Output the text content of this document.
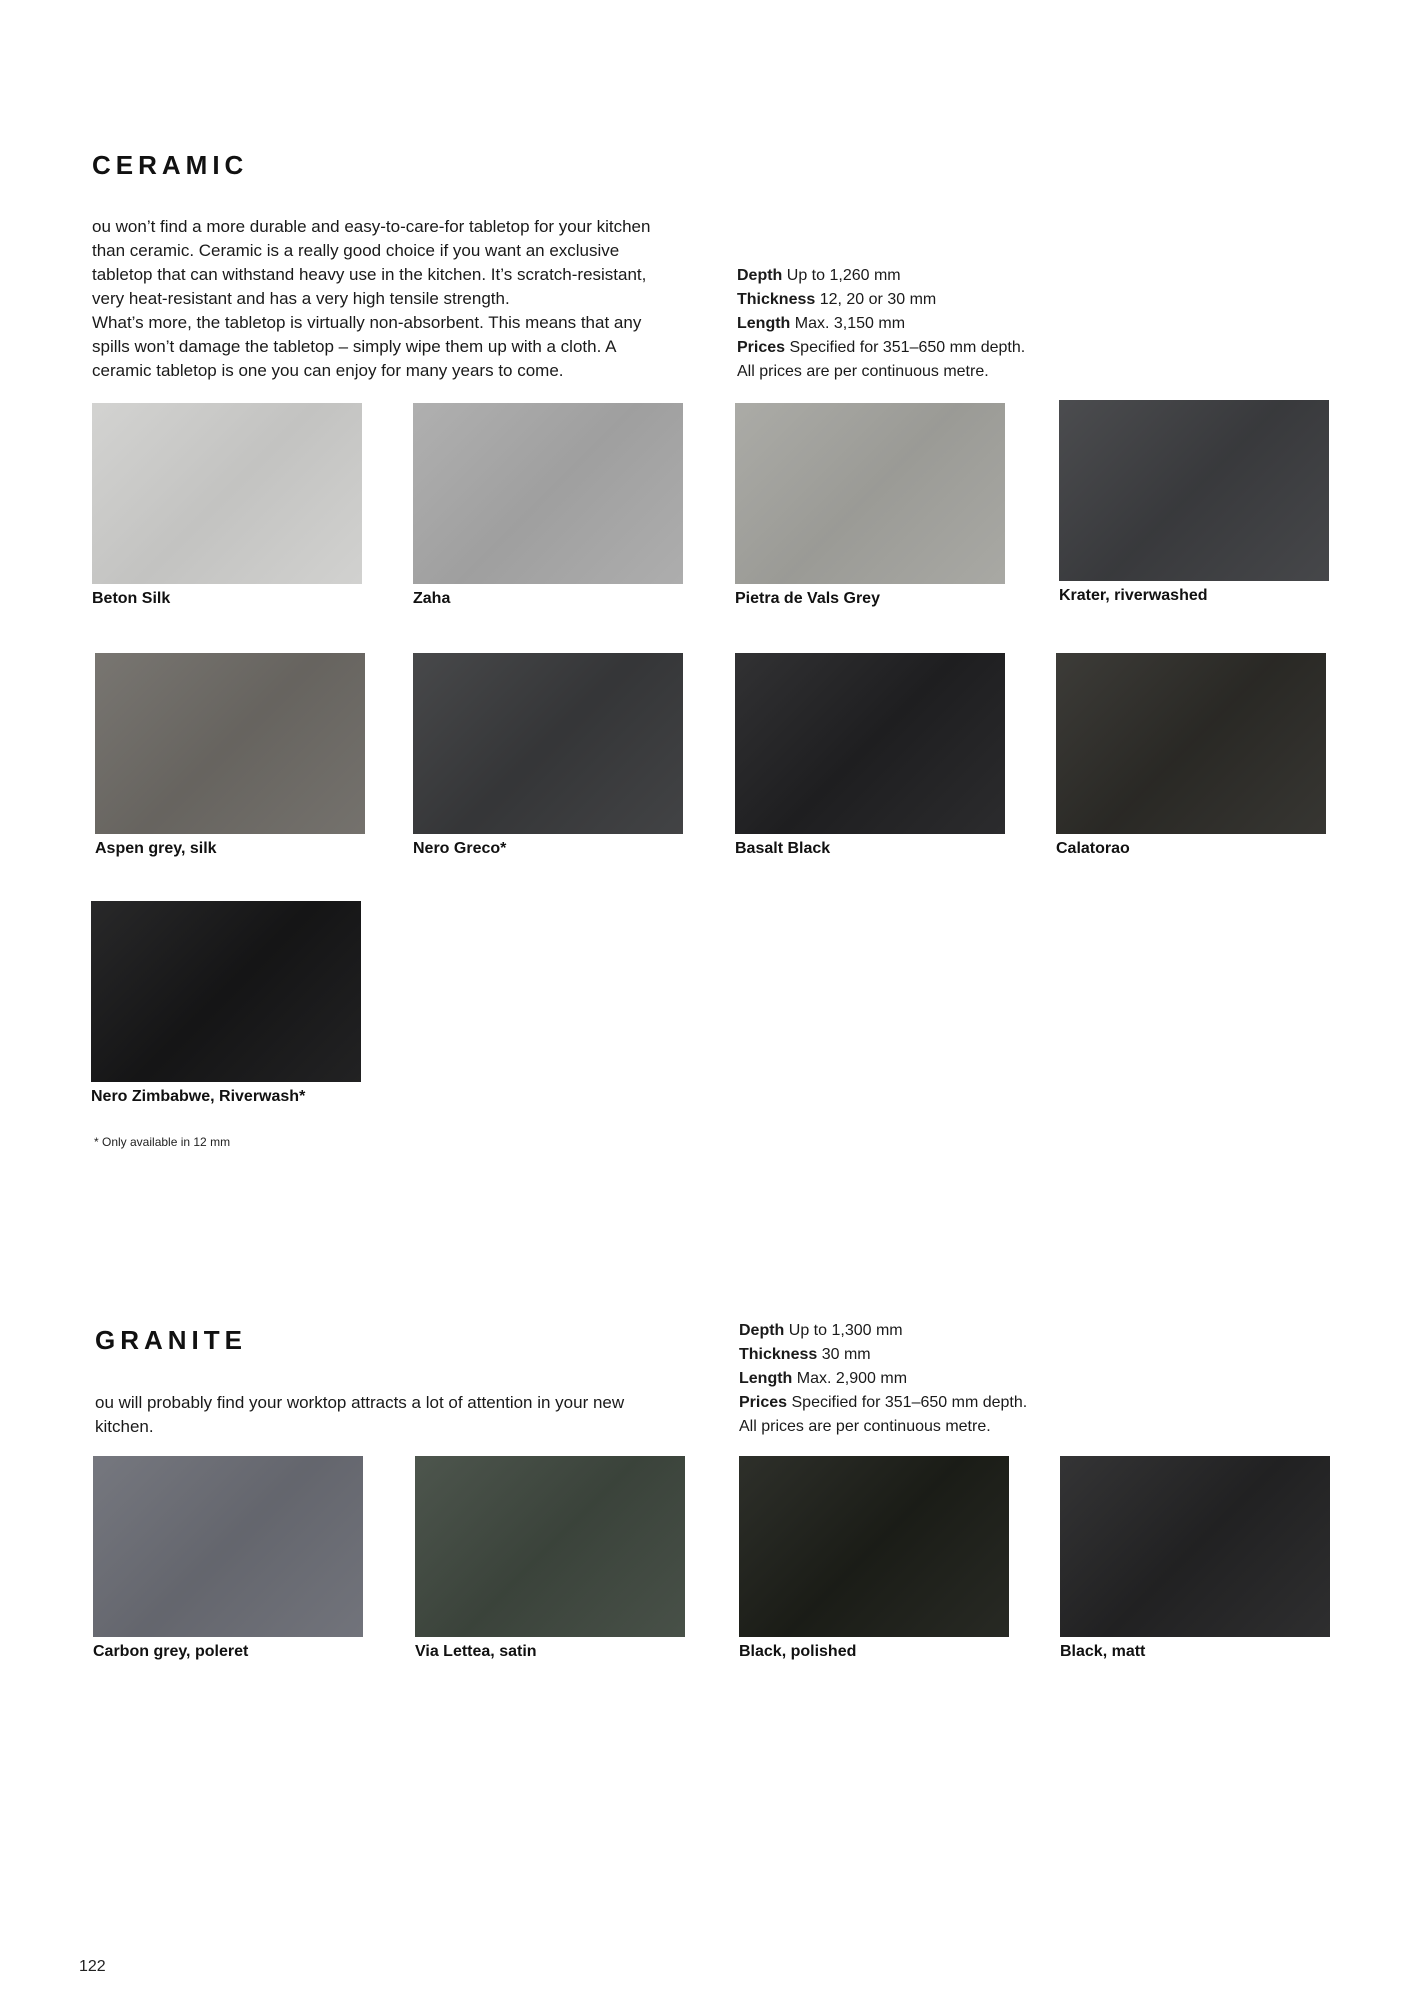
CERAMIC
ou won’t find a more durable and easy-to-care-for tabletop for your kitchen
than ceramic. Ceramic is a really good choice if you want an exclusive
tabletop that can withstand heavy use in the kitchen. It’s scratch-resistant,
very heat-resistant and has a very high tensile strength.
What’s more, the tabletop is virtually non-absorbent. This means that any
spills won’t damage the tabletop – simply wipe them up with a cloth. A
ceramic tabletop is one you can enjoy for many years to come.
Depth Up to 1,260 mm
Thickness 12, 20 or 30 mm
Length Max. 3,150 mm
Prices Specified for 351–650 mm depth.
All prices are per continuous metre.
Beton Silk	Zaha	Pietra de Vals Grey	Krater, riverwashed
Aspen grey, silk	Nero Greco*	Basalt Black	Calatorao
Nero Zimbabwe, Riverwash*
* Only available in 12 mm
GRANITE
ou will probably find your worktop attracts a lot of attention in your new
kitchen.
Depth Up to 1,300 mm
Thickness 30 mm
Length Max. 2,900 mm
Prices Specified for 351–650 mm depth.
All prices are per continuous metre.
Carbon grey, poleret	Via Lettea, satin	Black, polished	Black, matt
122
